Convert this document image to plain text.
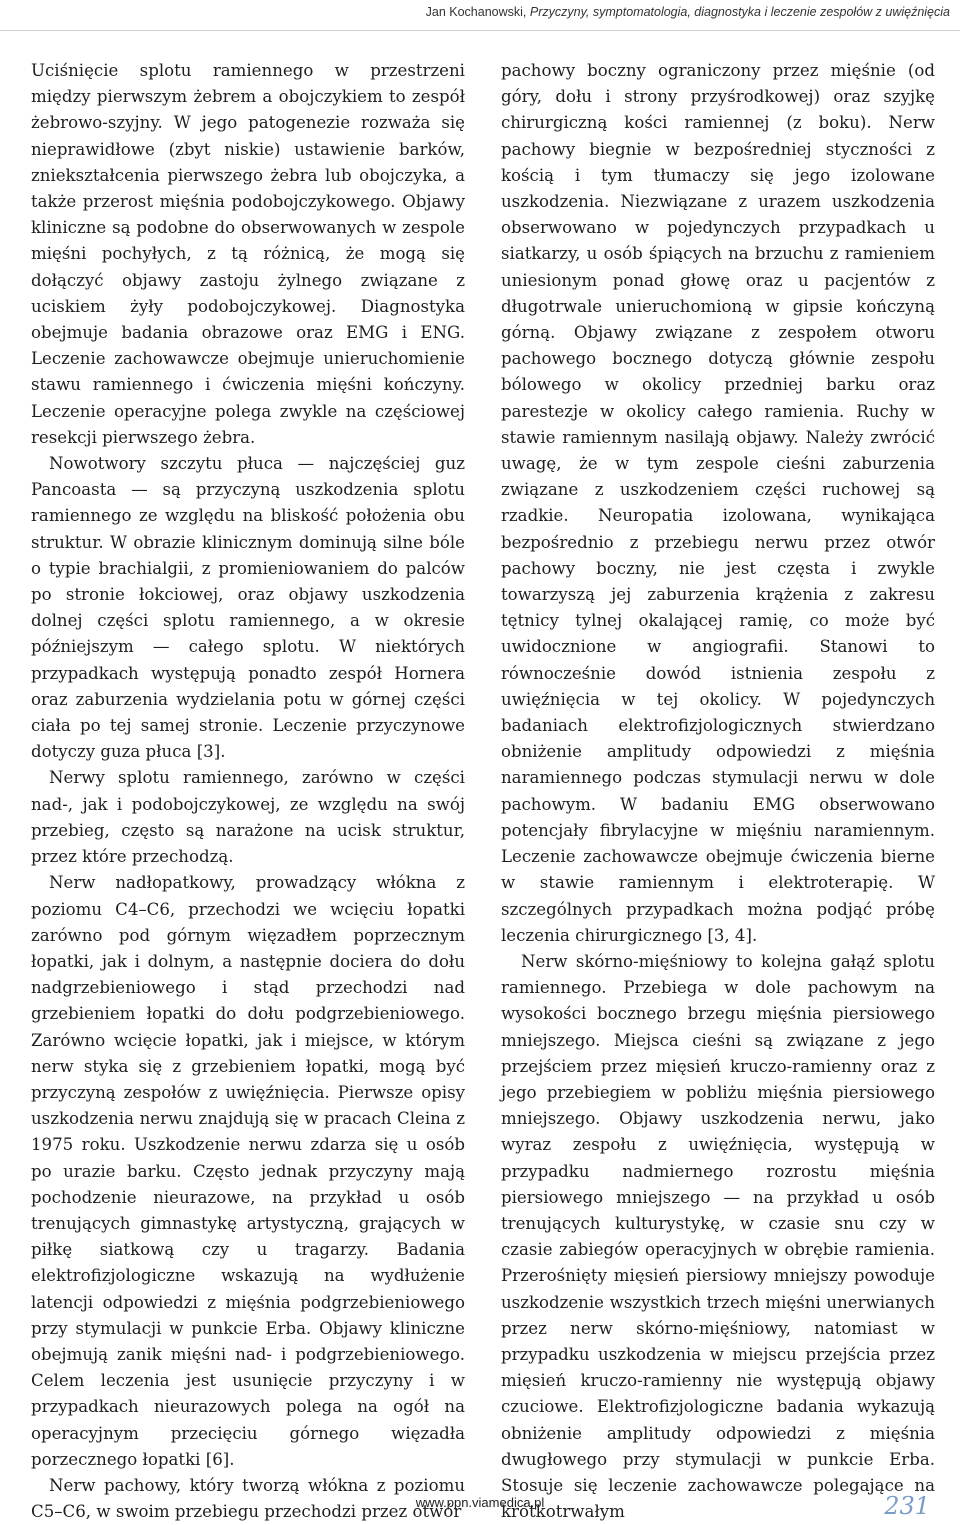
Jan Kochanowski, Przyczyny, symptomatologia, diagnostyka i leczenie zespołów z uwięźnięcia

Uciśnięcie splotu ramiennego w przestrzeni między pierwszym żebrem a obojczykiem to zespół żebrowo-szyjny. W jego patogenezie rozważa się nieprawidłowe (zbyt niskie) ustawienie barków, zniekształcenia pierwszego żebra lub obojczyka, a także przerost mięśnia podobojczykowego. Objawy kliniczne są podobne do obserwowanych w zespole mięśni pochyłych, z tą różnicą, że mogą się dołączyć objawy zastoju żylnego związane z uciskiem żyły podobojczykowej. Diagnostyka obejmuje badania obrazowe oraz EMG i ENG. Leczenie zachowawcze obejmuje unieruchomienie stawu ramiennego i ćwiczenia mięśni kończyny. Leczenie operacyjne polega zwykle na częściowej resekcji pierwszego żebra.

Nowotwory szczytu płuca — najczęściej guz Pancoasta — są przyczyną uszkodzenia splotu ramiennego ze względu na bliskość położenia obu struktur. W obrazie klinicznym dominują silne bóle o typie brachialgii, z promieniowaniem do palców po stronie łokciowej, oraz objawy uszkodzenia dolnej części splotu ramiennego, a w okresie późniejszym — całego splotu. W niektórych przypadkach występują ponadto zespół Hornera oraz zaburzenia wydzielania potu w górnej części ciała po tej samej stronie. Leczenie przyczynowe dotyczy guza płuca [3].

Nerwy splotu ramiennego, zarówno w części nad-, jak i podobojczykowej, ze względu na swój przebieg, często są narażone na ucisk struktur, przez które przechodzą.

Nerw nadłopatkowy, prowadzący włókna z poziomu C4–C6, przechodzi we wcięciu łopatki zarówno pod górnym więzadłem poprzecznym łopatki, jak i dolnym, a następnie dociera do dołu nadgrzebieniowego i stąd przechodzi nad grzebieniem łopatki do dołu podgrzebieniowego. Zarówno wcięcie łopatki, jak i miejsce, w którym nerw styka się z grzebieniem łopatki, mogą być przyczyną zespołów z uwięźnięcia. Pierwsze opisy uszkodzenia nerwu znajdują się w pracach Cleina z 1975 roku. Uszkodzenie nerwu zdarza się u osób po urazie barku. Często jednak przyczyny mają pochodzenie nieurazowe, na przykład u osób trenujących gimnastykę artystyczną, grających w piłkę siatkową czy u tragarzy. Badania elektrofizjologiczne wskazują na wydłużenie latencji odpowiedzi z mięśnia podgrzebieniowego przy stymulacji w punkcie Erba. Objawy kliniczne obejmują zanik mięśni nad- i podgrzebieniowego. Celem leczenia jest usunięcie przyczyny i w przypadkach nieurazowych polega na ogół na operacyjnym przecięciu górnego więzadła porzecznego łopatki [6].

Nerw pachowy, który tworzą włókna z poziomu C5–C6, w swoim przebiegu przechodzi przez otwór

pachowy boczny ograniczony przez mięśnie (od góry, dołu i strony przyśrodkowej) oraz szyjkę chirurgiczną kości ramiennej (z boku). Nerw pachowy biegnie w bezpośredniej styczności z kością i tym tłumaczy się jego izolowane uszkodzenia. Niezwiązane z urazem uszkodzenia obserwowano w pojedynczych przypadkach u siatkarzy, u osób śpiących na brzuchu z ramieniem uniesionym ponad głowę oraz u pacjentów z długotrwale unieruchomioną w gipsie kończyną górną. Objawy związane z zespołem otworu pachowego bocznego dotyczą głównie zespołu bólowego w okolicy przedniej barku oraz parestezje w okolicy całego ramienia. Ruchy w stawie ramiennym nasilają objawy. Należy zwrócić uwagę, że w tym zespole cieśni zaburzenia związane z uszkodzeniem części ruchowej są rzadkie. Neuropatia izolowana, wynikająca bezpośrednio z przebiegu nerwu przez otwór pachowy boczny, nie jest częsta i zwykle towarzyszą jej zaburzenia krążenia z zakresu tętnicy tylnej okalającej ramię, co może być uwidocznione w angiografii. Stanowi to równocześnie dowód istnienia zespołu z uwięźnięcia w tej okolicy. W pojedynczych badaniach elektrofizjologicznych stwierdzano obniżenie amplitudy odpowiedzi z mięśnia naramiennego podczas stymulacji nerwu w dole pachowym. W badaniu EMG obserwowano potencjały fibrylacyjne w mięśniu naramiennym. Leczenie zachowawcze obejmuje ćwiczenia bierne w stawie ramiennym i elektroterapię. W szczególnych przypadkach można podjąć próbę leczenia chirurgicznego [3, 4].

Nerw skórno-mięśniowy to kolejna gałąź splotu ramiennego. Przebiega w dole pachowym na wysokości bocznego brzegu mięśnia piersiowego mniejszego. Miejsca cieśni są związane z jego przejściem przez mięsień kruczo-ramienny oraz z jego przebiegiem w pobliżu mięśnia piersiowego mniejszego. Objawy uszkodzenia nerwu, jako wyraz zespołu z uwięźnięcia, występują w przypadku nadmiernego rozrostu mięśnia piersiowego mniejszego — na przykład u osób trenujących kulturystykę, w czasie snu czy w czasie zabiegów operacyjnych w obrębie ramienia. Przerośnięty mięsień piersiowy mniejszy powoduje uszkodzenie wszystkich trzech mięśni unerwianych przez nerw skórno-mięśniowy, natomiast w przypadku uszkodzenia w miejscu przejścia przez mięsień kruczo-ramienny nie występują objawy czuciowe. Elektrofizjologiczne badania wykazują obniżenie amplitudy odpowiedzi z mięśnia dwugłowego przy stymulacji w punkcie Erba. Stosuje się leczenie zachowawcze polegające na krótkotrwałym

www.ppn.viamedica.pl	231
